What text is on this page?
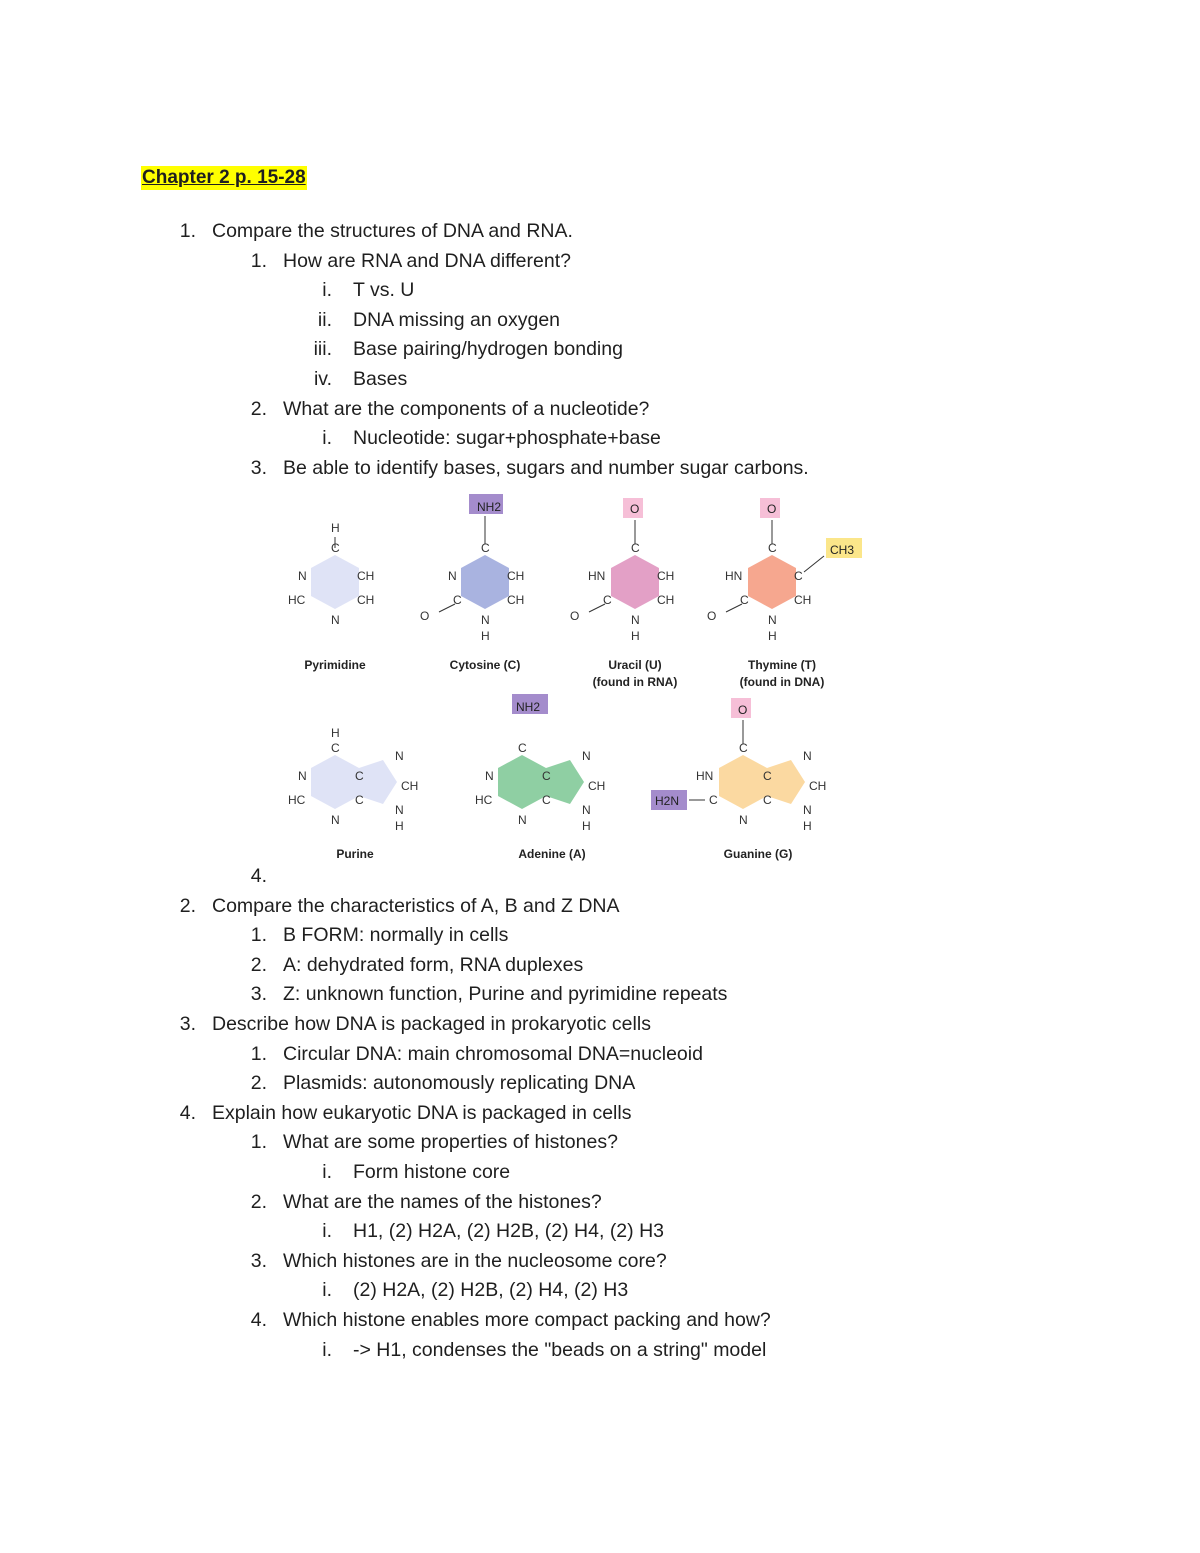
Chapter 2 p. 15-28
1. Compare the structures of DNA and RNA.
1. How are RNA and DNA different?
i. T vs. U
ii. DNA missing an oxygen
iii. Base pairing/hydrogen bonding
iv. Bases
2. What are the components of a nucleotide?
i. Nucleotide: sugar+phosphate+base
3. Be able to identify bases, sugars and number sugar carbons.
4.
2. Compare the characteristics of A, B and Z DNA
1. B FORM: normally in cells
2. A: dehydrated form, RNA duplexes
3. Z: unknown function, Purine and pyrimidine repeats
3. Describe how DNA is packaged in prokaryotic cells
1. Circular DNA: main chromosomal DNA=nucleoid
2. Plasmids: autonomously replicating DNA
4. Explain how eukaryotic DNA is packaged in cells
1. What are some properties of histones?
i. Form histone core
2. What are the names of the histones?
i. H1, (2) H2A, (2) H2B, (2) H4, (2) H3
3. Which histones are in the nucleosome core?
i. (2) H2A, (2) H2B, (2) H4, (2) H3
4. Which histone enables more compact packing and how?
i. -> H1, condenses the "beads on a string" model
H
C
N	CH
HC	CH
N
C
N	CH
C	CH
N
H
O
C
HN	CH
C	CH
N
H
O
C
HN	C
CH
C
N
H
O
H
C
N	C
HC	C
N
N
CH
N
H
C
N	C
HC	C
N
N
CH
N
H
C
HN	C
C	C
N
N
CH
N
H
NH2	O	O
CH3
NH2	O
H2N
Pyrimidine	Cytosine (C)	Uracil (U)
(found in RNA)
Thymine (T)
(found in DNA)
Purine	Adenine (A)	Guanine (G)
